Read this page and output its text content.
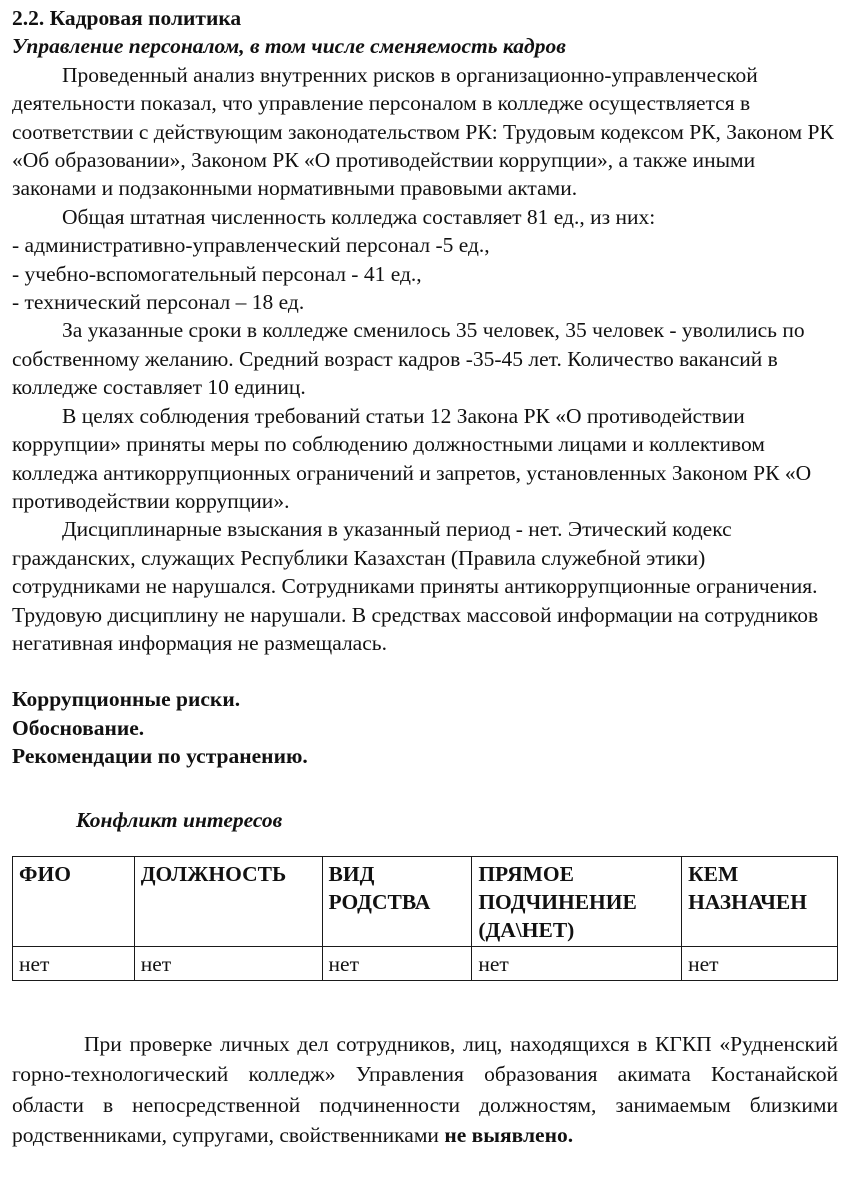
2.2. Кадровая политика
Управление персоналом, в том числе сменяемость кадров

Проведенный анализ внутренних рисков в организационно-управленческой деятельности показал, что управление персоналом в колледже осуществляется в соответствии с действующим законодательством РК: Трудовым кодексом РК, Законом РК «Об образовании», Законом РК «О противодействии коррупции», а также иными законами и подзаконными нормативными правовыми актами.

Общая штатная численность колледжа составляет 81 ед., из них:

- административно-управленческий персонал -5 ед.,
- учебно-вспомогательный персонал - 41 ед.,
- технический персонал – 18 ед.

За указанные сроки в колледже сменилось 35 человек, 35 человек - уволились по собственному желанию. Средний возраст кадров -35-45 лет. Количество вакансий в колледже составляет 10 единиц.

В целях соблюдения требований статьи 12 Закона РК «О противодействии коррупции» приняты меры по соблюдению должностными лицами и коллективом колледжа антикоррупционных ограничений и запретов, установленных Законом РК «О противодействии коррупции».

Дисциплинарные взыскания в указанный период - нет. Этический кодекс гражданских, служащих Республики Казахстан (Правила служебной этики) сотрудниками не нарушался. Сотрудниками приняты антикоррупционные ограничения. Трудовую дисциплину не нарушали. В средствах массовой информации на сотрудников негативная информация не размещалась.

Коррупционные риски.
Обоснование.
Рекомендации по устранению.
Конфликт интересов
ФИО	ДОЛЖНОСТЬ	ВИД РОДСТВА	ПРЯМОЕ ПОДЧИНЕНИЕ (ДА\НЕТ)	КЕМ НАЗНАЧЕН
нет	нет	нет	нет	нет

При проверке личных дел сотрудников, лиц, находящихся в КГКП «Рудненский горно-технологический колледж» Управления образования акимата Костанайской области в непосредственной подчиненности должностям, занимаемым близкими родственниками, супругами, свойственниками не выявлено.
